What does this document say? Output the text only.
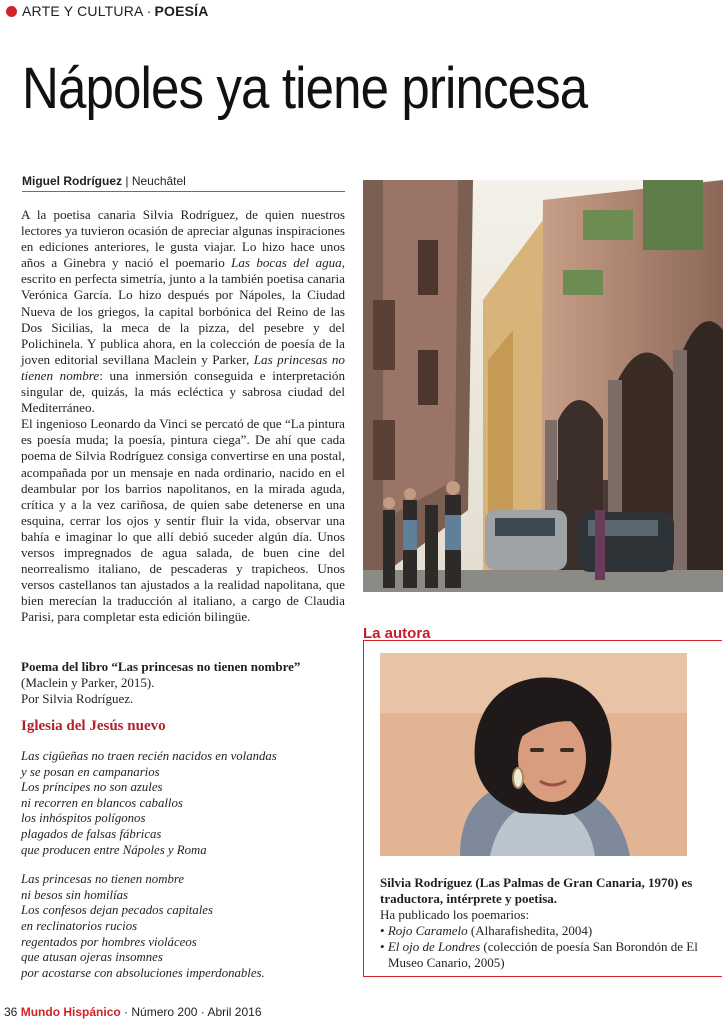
ARTE Y CULTURA · POESÍA
Nápoles ya tiene princesa
Miguel Rodríguez | Neuchâtel

A la poetisa canaria Silvia Rodríguez, de quien nuestros lectores ya tuvieron ocasión de apreciar algunas inspiraciones en ediciones anteriores, le gusta viajar. Lo hizo hace unos años a Ginebra y nació el poemario Las bocas del agua, escrito en perfecta simetría, junto a la también poetisa canaria Verónica García. Lo hizo después por Nápoles, la Ciudad Nueva de los griegos, la capital borbónica del Reino de las Dos Sicilias, la meca de la pizza, del pesebre y del Polichinela. Y publica ahora, en la colección de poesía de la joven editorial sevillana Maclein y Parker, Las princesas no tienen nombre: una inmersión conseguida e interpretación singular de, quizás, la más ecléctica y sabrosa ciudad del Mediterráneo.

El ingenioso Leonardo da Vinci se percató de que “La pintura es poesía muda; la poesía, pintura ciega”. De ahí que cada poema de Silvia Rodríguez consiga convertirse en una postal, acompañada por un mensaje en nada ordinario, nacido en el deambular por los barrios napolitanos, en la mirada aguda, crítica y a la vez cariñosa, de quien sabe detenerse en una esquina, cerrar los ojos y sentir fluir la vida, observar una bahía e imaginar lo que allí debió suceder algún día. Unos versos impregnados de agua salada, de buen cine del neorrealismo italiano, de pescaderas y trapicheos. Unos versos castellanos tan ajustados a la realidad napolitana, que bien merecían la traducción al italiano, a cargo de Claudia Parisi, para completar esta edición bilingüe.

Poema del libro “Las princesas no tienen nombre”
(Maclein y Parker, 2015).
Por Silvia Rodríguez.
Iglesia del Jesús nuevo
Las cigüeñas no traen recién nacidos en volandas
y se posan en campanarios
Los príncipes no son azules
ni recorren en blancos caballos
los inhóspitos polígonos
plagados de falsas fábricas
que producen entre Nápoles y Roma
Las princesas no tienen nombre
ni besos sin homilías
Los confesos dejan pecados capitales
en reclinatorios rucios
regentados por hombres violáceos
que atusan ojeras insomnes
por acostarse con absoluciones imperdonables.
La autora
Silvia Rodríguez (Las Palmas de Gran Canaria, 1970) es traductora, intérprete y poetisa.
Ha publicado los poemarios:
• Rojo Caramelo (Alharafishedita, 2004)
• El ojo de Londres (colección de poesía San Borondón de El Museo Canario, 2005)
36 Mundo Hispánico · Número 200 · Abril 2016
